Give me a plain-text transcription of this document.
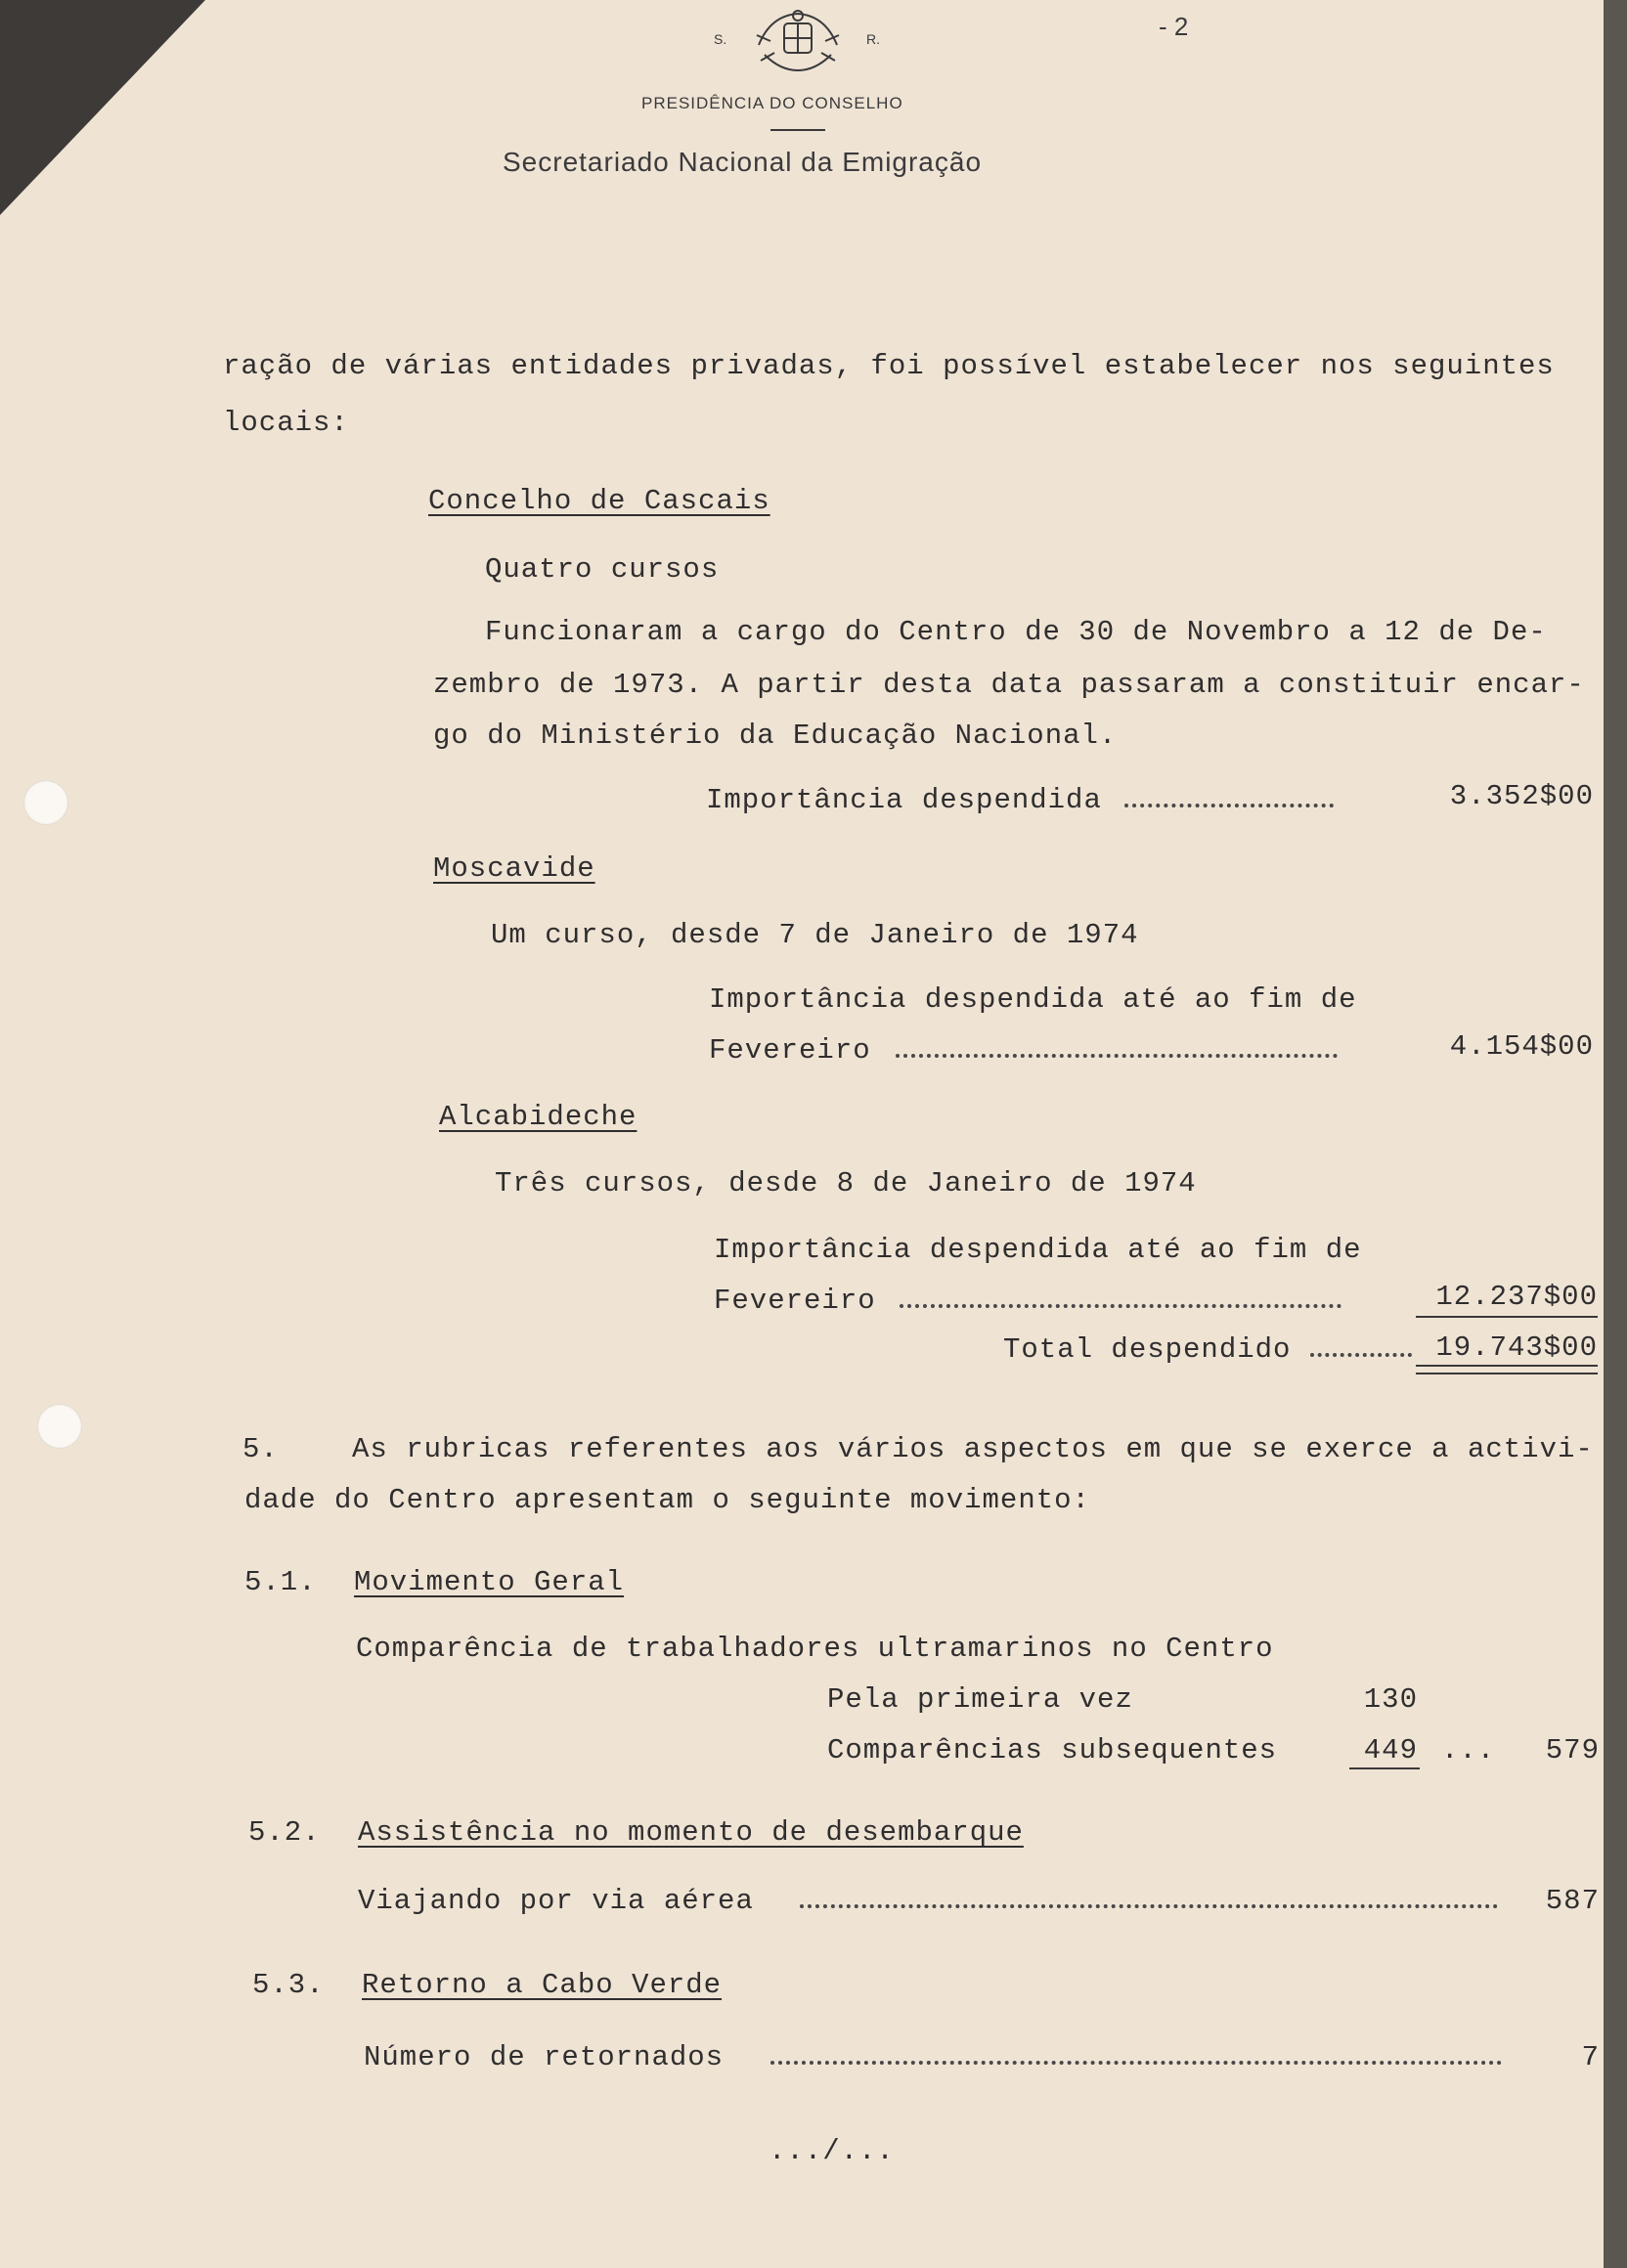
- 2
S.	R.
PRESIDÊNCIA DO CONSELHO
Secretariado Nacional da Emigração
ração de várias entidades privadas, foi possível estabelecer nos seguintes
locais:
Concelho de Cascais
Quatro cursos
Funcionaram a cargo do Centro de 30 de Novembro a 12 de De-
zembro de 1973. A partir desta data passaram a constituir encar-
go do Ministério da Educação Nacional.
Importância despendida	3.352$00
Moscavide
Um curso, desde 7 de Janeiro de 1974
Importância despendida até ao fim de
Fevereiro	4.154$00
Alcabideche
Três cursos, desde 8 de Janeiro de 1974
Importância despendida até ao fim de
Fevereiro	12.237$00
Total despendido	19.743$00
5.	As rubricas referentes aos vários aspectos em que se exerce a activi-
dade do Centro apresentam o seguinte movimento:
5.1. Movimento Geral
Comparência de trabalhadores ultramarinos no Centro
Pela primeira vez	130
Comparências subsequentes	449 ...	579
5.2. Assistência no momento de desembarque
Viajando por via aérea	587
5.3. Retorno a Cabo Verde
Número de retornados	7
.../...
